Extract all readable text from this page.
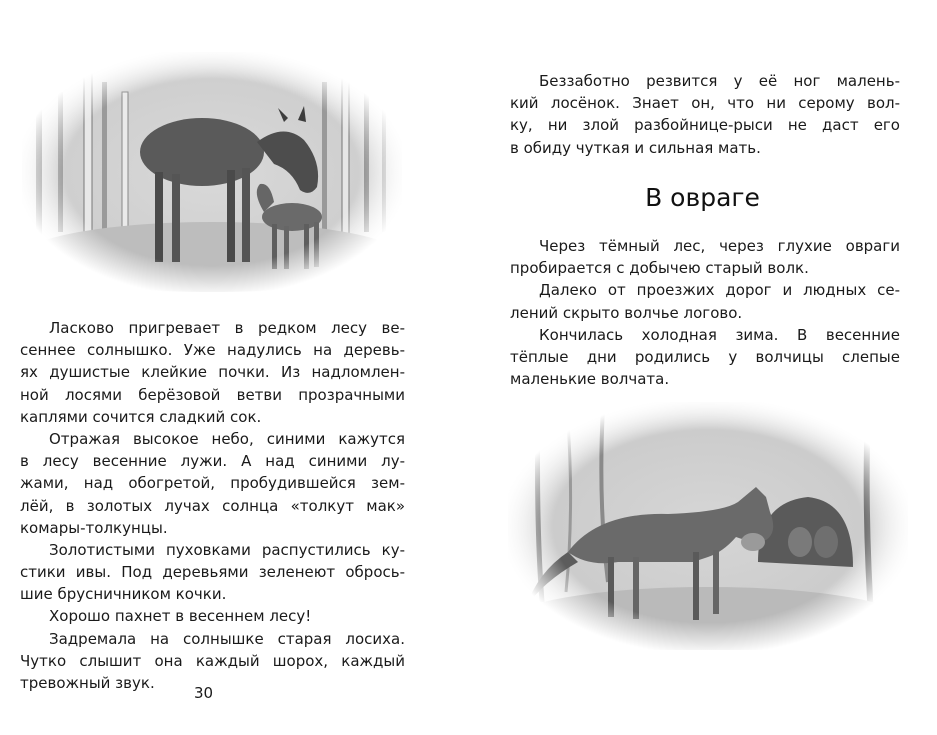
Ласково пригревает в редком лесу ве-
сеннее солнышко. Уже надулись на деревь-
ях душистые клейкие почки. Из надломлен-
ной лосями берёзовой ветви прозрачными
каплями сочится сладкий сок.

Отражая высокое небо, синими кажутся
в лесу весенние лужи. А над синими лу-
жами, над обогретой, пробудившейся зем-
лёй, в золотых лучах солнца «толкут мак»
комары-толкунцы.

Золотистыми пуховками распустились ку-
стики ивы. Под деревьями зеленеют обрось-
шие брусничником кочки.

Хорошо пахнет в весеннем лесу!

Задремала на солнышке старая лосиха.
Чутко слышит она каждый шорох, каждый
тревожный звук.

30

Беззаботно резвится у её ног малень-
кий лосёнок. Знает он, что ни серому вол-
ку, ни злой разбойнице-рыси не даст его
в обиду чуткая и сильная мать.

В овраге

Через тёмный лес, через глухие овраги
пробирается с добычею старый волк.

Далеко от проезжих дорог и людных се-
лений скрыто волчье логово.

Кончилась холодная зима. В весенние
тёплые дни родились у волчицы слепые
маленькие волчата.
